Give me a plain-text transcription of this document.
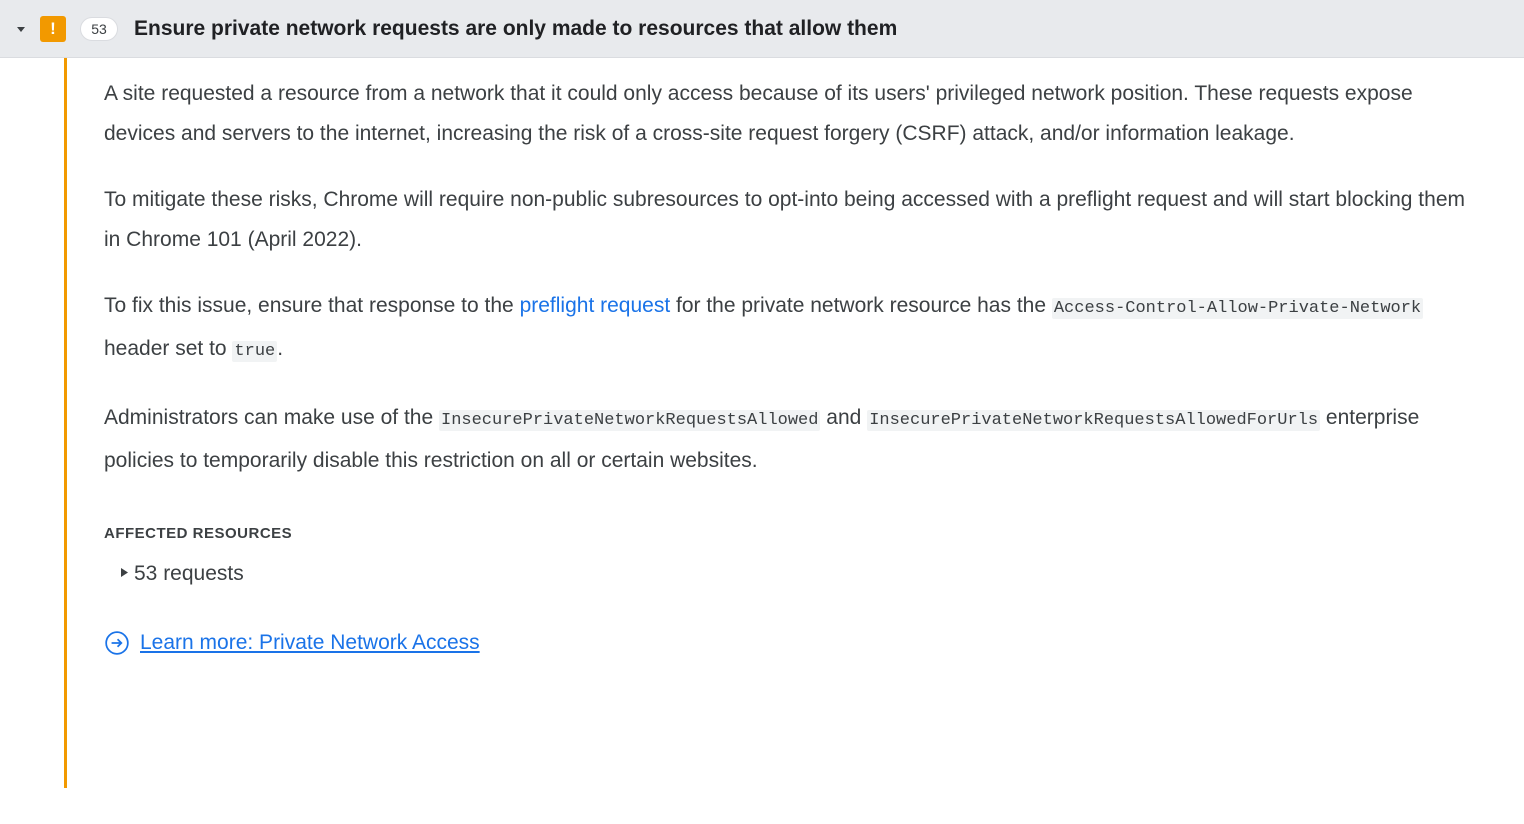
!	53	Ensure private network requests are only made to resources that allow them

A site requested a resource from a network that it could only access because of its users' privileged network position. These requests expose devices and servers to the internet, increasing the risk of a cross-site request forgery (CSRF) attack, and/or information leakage.

To mitigate these risks, Chrome will require non-public subresources to opt-into being accessed with a preflight request and will start blocking them in Chrome 101 (April 2022).

To fix this issue, ensure that response to the preflight request for the private network resource has the Access-Control-Allow-Private-Network header set to true.

Administrators can make use of the InsecurePrivateNetworkRequestsAllowed and InsecurePrivateNetworkRequestsAllowedForUrls enterprise policies to temporarily disable this restriction on all or certain websites.

AFFECTED RESOURCES
53 requests
Learn more: Private Network Access
